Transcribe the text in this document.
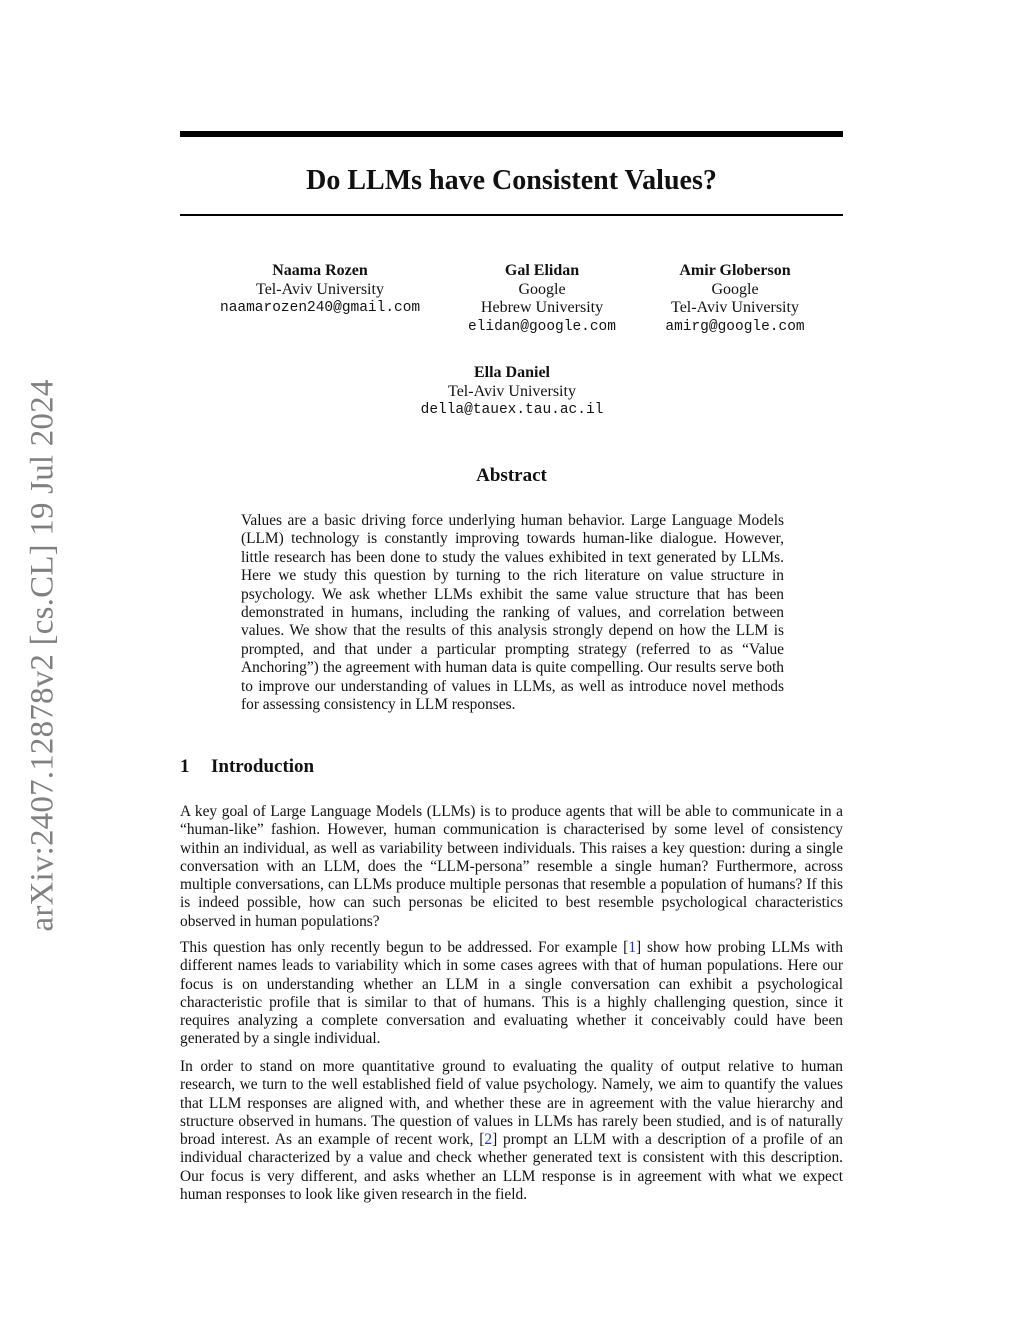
arXiv:2407.12878v2 [cs.CL] 19 Jul 2024
Do LLMs have Consistent Values?
Naama Rozen
Tel-Aviv University
naamarozen240@gmail.com
Gal Elidan
Google
Hebrew University
elidan@google.com
Amir Globerson
Google
Tel-Aviv University
amirg@google.com
Ella Daniel
Tel-Aviv University
della@tauex.tau.ac.il
Abstract

Values are a basic driving force underlying human behavior. Large Language Models (LLM) technology is constantly improving towards human-like dialogue. However, little research has been done to study the values exhibited in text generated by LLMs. Here we study this question by turning to the rich literature on value structure in psychology. We ask whether LLMs exhibit the same value structure that has been demonstrated in humans, including the ranking of values, and correlation between values. We show that the results of this analysis strongly depend on how the LLM is prompted, and that under a particular prompting strategy (referred to as “Value Anchoring”) the agreement with human data is quite compelling. Our results serve both to improve our understanding of values in LLMs, as well as introduce novel methods for assessing consistency in LLM responses.

1 Introduction

A key goal of Large Language Models (LLMs) is to produce agents that will be able to communicate in a “human-like” fashion. However, human communication is characterised by some level of consistency within an individual, as well as variability between individuals. This raises a key question: during a single conversation with an LLM, does the “LLM-persona” resemble a single human? Furthermore, across multiple conversations, can LLMs produce multiple personas that resemble a population of humans? If this is indeed possible, how can such personas be elicited to best resemble psychological characteristics observed in human populations?

This question has only recently begun to be addressed. For example [1] show how probing LLMs with different names leads to variability which in some cases agrees with that of human populations. Here our focus is on understanding whether an LLM in a single conversation can exhibit a psychological characteristic profile that is similar to that of humans. This is a highly challenging question, since it requires analyzing a complete conversation and evaluating whether it conceivably could have been generated by a single individual.

In order to stand on more quantitative ground to evaluating the quality of output relative to human research, we turn to the well established field of value psychology. Namely, we aim to quantify the values that LLM responses are aligned with, and whether these are in agreement with the value hierarchy and structure observed in humans. The question of values in LLMs has rarely been studied, and is of naturally broad interest. As an example of recent work, [2] prompt an LLM with a description of a profile of an individual characterized by a value and check whether generated text is consistent with this description. Our focus is very different, and asks whether an LLM response is in agreement with what we expect human responses to look like given research in the field.
